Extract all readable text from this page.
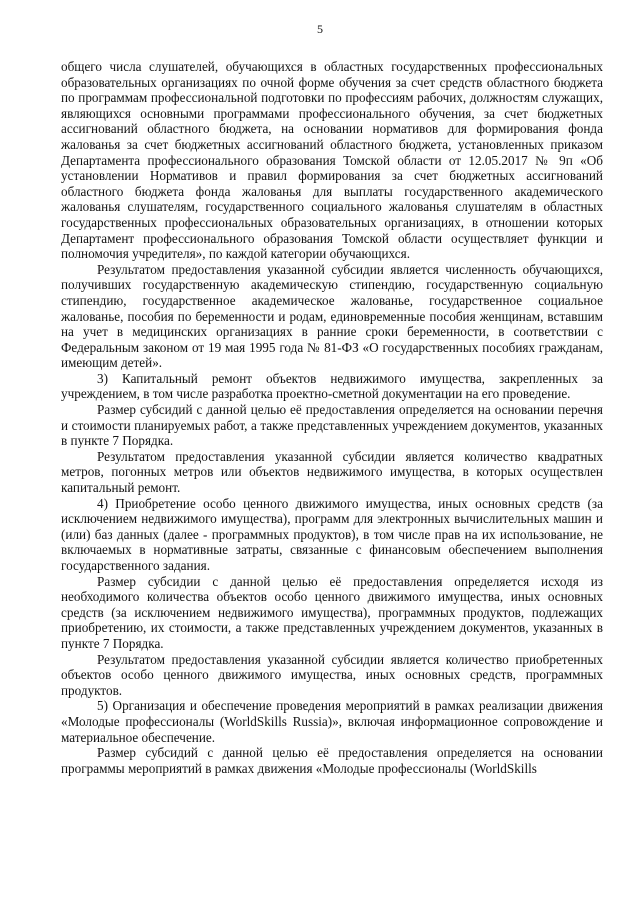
5

общего числа слушателей, обучающихся в областных государственных профессиональных образовательных организациях по очной форме обучения за счет средств областного бюджета по программам профессиональной подготовки по профессиям рабочих, должностям служащих, являющихся основными программами профессионального обучения, за счет бюджетных ассигнований областного бюджета, на основании нормативов для формирования фонда жалованья за счет бюджетных ассигнований областного бюджета, установленных приказом Департамента профессионального образования Томской области от 12.05.2017 № 9п «Об установлении Нормативов и правил формирования за счет бюджетных ассигнований областного бюджета фонда жалованья для выплаты государственного академического жалованья слушателям, государственного социального жалованья слушателям в областных государственных профессиональных образовательных организациях, в отношении которых Департамент профессионального образования Томской области осуществляет функции и полномочия учредителя», по каждой категории обучающихся.

Результатом предоставления указанной субсидии является численность обучающихся, получивших государственную академическую стипендию, государственную социальную стипендию, государственное академическое жалованье, государственное социальное жалованье, пособия по беременности и родам, единовременные пособия женщинам, вставшим на учет в медицинских организациях в ранние сроки беременности, в соответствии с Федеральным законом от 19 мая 1995 года № 81-ФЗ «О государственных пособиях гражданам, имеющим детей».

3) Капитальный ремонт объектов недвижимого имущества, закрепленных за учреждением, в том числе разработка проектно-сметной документации на его проведение.

Размер субсидий с данной целью её предоставления определяется на основании перечня и стоимости планируемых работ, а также представленных учреждением документов, указанных в пункте 7 Порядка.

Результатом предоставления указанной субсидии является количество квадратных метров, погонных метров или объектов недвижимого имущества, в которых осуществлен капитальный ремонт.

4) Приобретение особо ценного движимого имущества, иных основных средств (за исключением недвижимого имущества), программ для электронных вычислительных машин и (или) баз данных (далее - программных продуктов), в том числе прав на их использование, не включаемых в нормативные затраты, связанные с финансовым обеспечением выполнения государственного задания.

Размер субсидии с данной целью её предоставления определяется исходя из необходимого количества объектов особо ценного движимого имущества, иных основных средств (за исключением недвижимого имущества), программных продуктов, подлежащих приобретению, их стоимости, а также представленных учреждением документов, указанных в пункте 7 Порядка.

Результатом предоставления указанной субсидии является количество приобретенных объектов особо ценного движимого имущества, иных основных средств, программных продуктов.

5) Организация и обеспечение проведения мероприятий в рамках реализации движения «Молодые профессионалы (WorldSkills Russia)», включая информационное сопровождение и материальное обеспечение.

Размер субсидий с данной целью её предоставления определяется на основании программы мероприятий в рамках движения «Молодые профессионалы (WorldSkills
